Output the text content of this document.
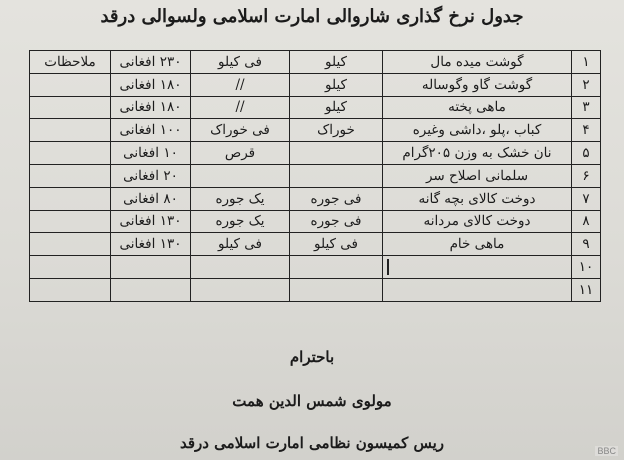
جدول نرخ گذاری شاروالی امارت اسلامی ولسوالی درقد
۱	گوشت میده مال	کیلو	فی کیلو	۲۳۰ افغانی	ملاحظات
۲	گوشت گاو وگوساله	کیلو	//	۱۸۰ افغانی	
۳	ماهی پخته	کیلو	//	۱۸۰ افغانی	
۴	کباب ،پلو ،داشی وغیره	خوراک	فی خوراک	۱۰۰ افغانی	
۵	نان خشک به وزن ۲۰۵گرام		قرص	۱۰ افغانی	
۶	سلمانی اصلاح سر			۲۰ افغانی	
۷	دوخت کالای بچه گانه	فی جوره	یک جوره	۸۰ افغانی	
۸	دوخت کالای مردانه	فی جوره	یک جوره	۱۳۰ افغانی	
۹	ماهی خام	فی کیلو	فی کیلو	۱۳۰ افغانی	
۱۰					
۱۱					
باحترام
مولوی شمس الدین همت
ریس کمیسون نظامی امارت اسلامی درقد	BBC
